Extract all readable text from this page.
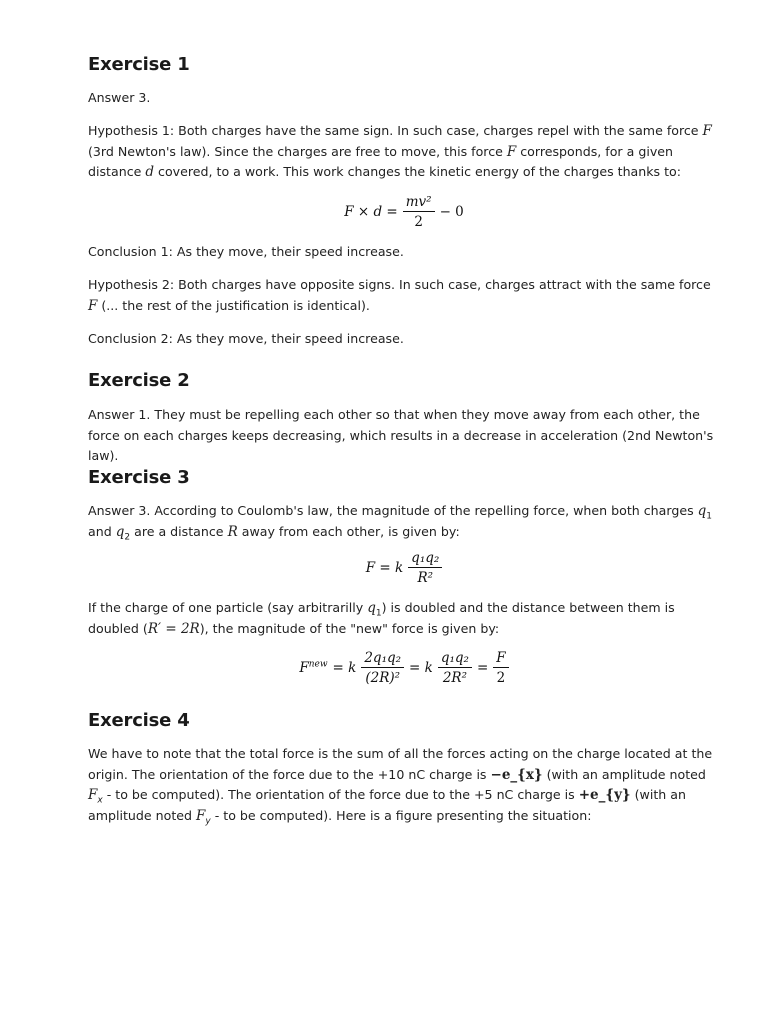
Exercise 1

Answer 3.

Hypothesis 1: Both charges have the same sign. In such case, charges repel with the same force F (3rd Newton's law). Since the charges are free to move, this force F corresponds, for a given distance d covered, to a work. This work changes the kinetic energy of the charges thanks to:

$F \times d = \frac{\text{mv²}}{2} - 0$

Conclusion 1: As they move, their speed increase.

Hypothesis 2: Both charges have opposite signs. In such case, charges attract with the same force F (... the rest of the justification is identical).

Conclusion 2: As they move, their speed increase.

Exercise 2

Answer 1. They must be repelling each other so that when they move away from each other, the force on each charges keeps decreasing, which results in a decrease in acceleration (2nd Newton's law).

Exercise 3

Answer 3. According to Coulomb's law, the magnitude of the repelling force, when both charges $q_1$ and $q_2$ are a distance R away from each other, is given by:

F = k $\frac{\text{q₁q₂}}{\text{R²}}$

If the charge of one particle (say arbitrarilly $q_1$) is doubled and the distance between them is doubled (R′ = 2R), the magnitude of the "new" force is given by:

$F^{new} = k \frac{\text{2q₁q₂}}{\text{(2R)²}} = k \frac{\text{q₁q₂}}{\text{2R²}} = \frac{F}{2}$
Exercise 4

We have to note that the total force is the sum of all the forces acting on the charge located at the origin. The orientation of the force due to the +10 nC charge is −e_{x} (with an amplitude noted $F_x$ - to be computed). The orientation of the force due to the +5 nC charge is +e_{y} (with an amplitude noted $F_y$ - to be computed). Here is a figure presenting the situation:
